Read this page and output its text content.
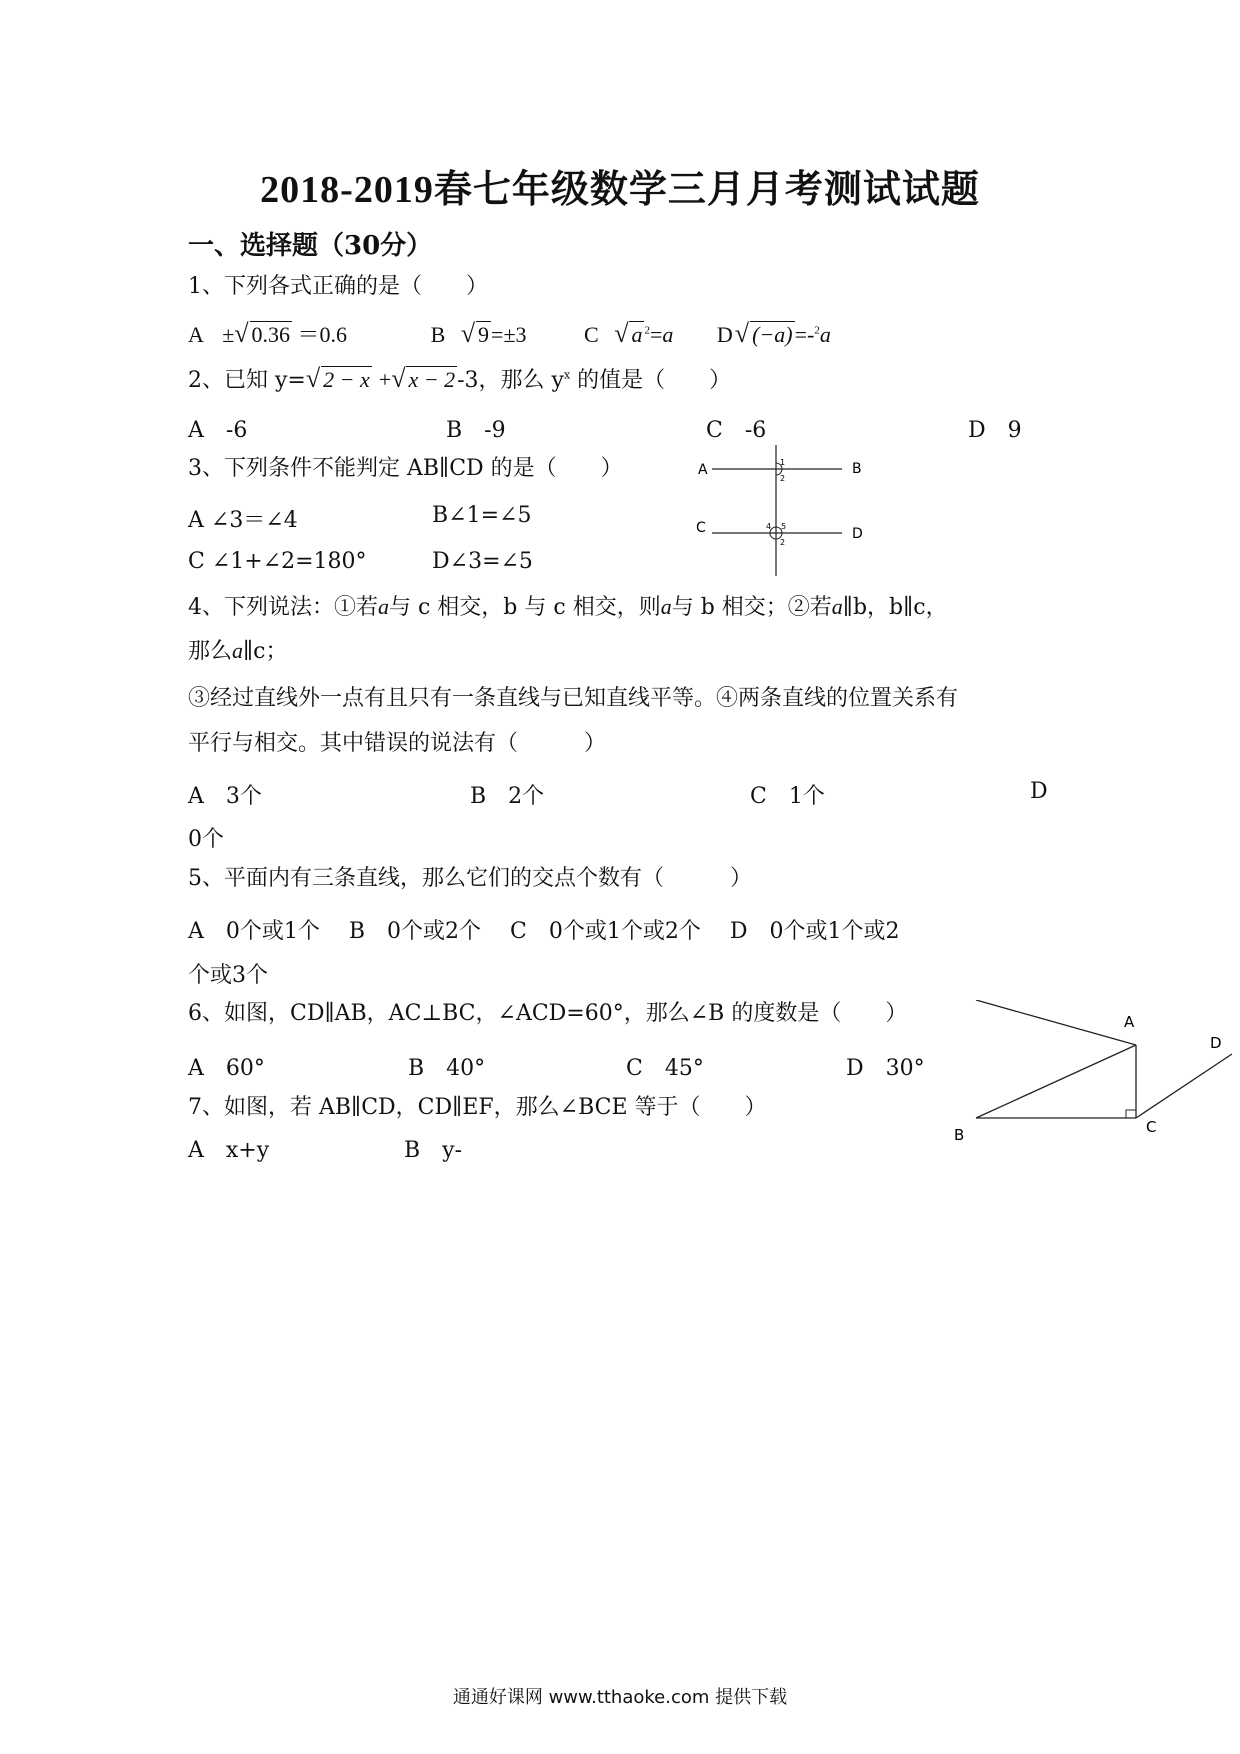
2018-2019春七年级数学三月月考测试试题
一、选择题（30分）
1、下列各式正确的是（　　）
A ±√ 0.36 ＝0.6	B √ 9=±3	C √ a $^2$=a D√ (−a)=-$^2$a
2、已知 y=√ 2 − x +√ x − 2-3，那么 $y^x$ 的值是（　　）
A　-6	B　-9	C　-6	D　9
3、下列条件不能判定 AB∥CD 的是（　　）
A ∠3＝∠4	B∠1=∠5
C ∠1+∠2=180°	D∠3=∠5
A	B
C	D
1
2
4 5
2
4、下列说法：①若a与 c 相交，b 与 c 相交，则a与 b 相交；②若a∥b，b∥c，
那么a∥c；
③经过直线外一点有且只有一条直线与已知直线平等。④两条直线的位置关系有
平行与相交。其中错误的说法有（　　　）
A　3个	B　2个	C　1个	D
0个
5、平面内有三条直线，那么它们的交点个数有（　　　）
A　0个或1个　 B　0个或2个　 C　0个或1个或2个　 D　0个或1个或2
个或3个
6、如图，CD∥AB，AC⊥BC，∠ACD=60°，那么∠B 的度数是（　　）
A　60°	B　40°	C　45°	D　30°
A
B	C
D
7、如图，若 AB∥CD，CD∥EF，那么∠BCE 等于（　　）
A　x+y	B　y-
通通好课网 www.tthaoke.com 提供下载
